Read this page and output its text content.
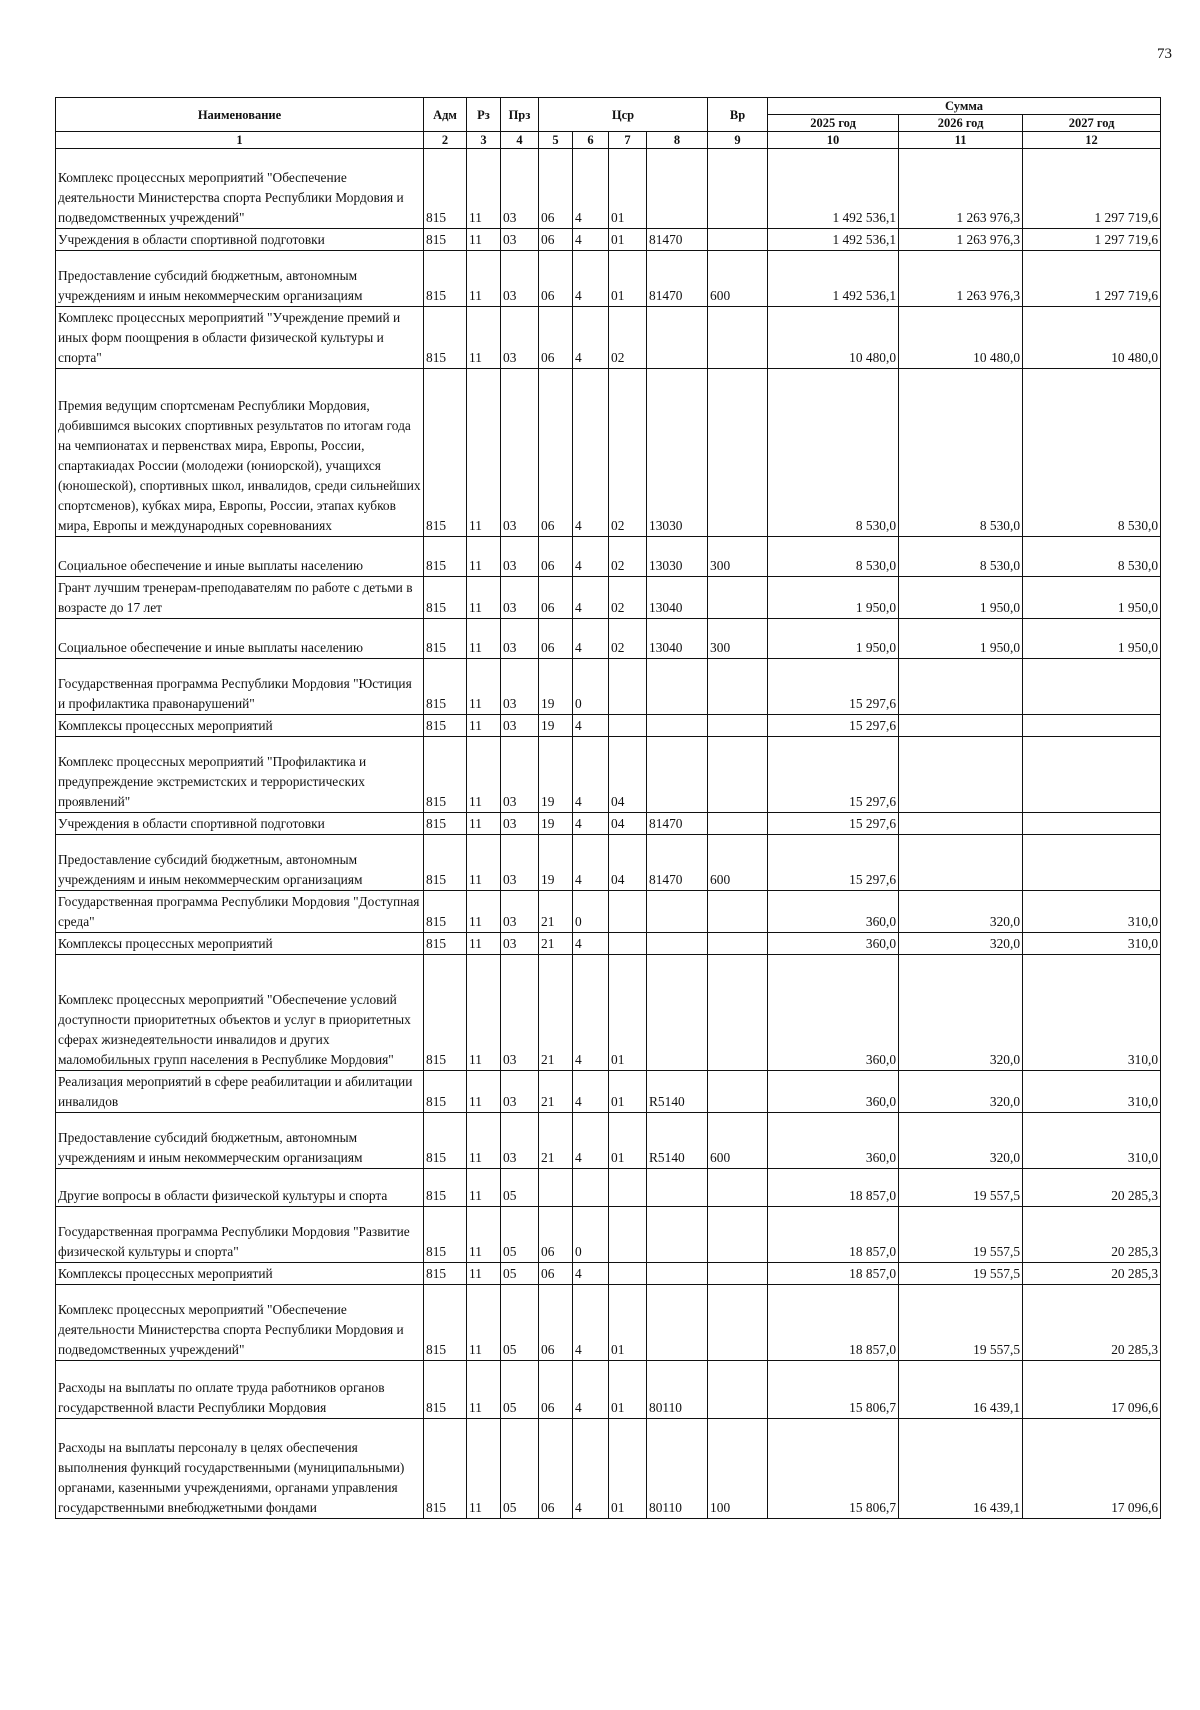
73
Наименование	Адм	Рз	Прз	Цср				Вр	Сумма		
									2025 год	2026 год	2027 год
1	2	3	4	5	6	7	8	9	10	11	12
Комплекс процессных мероприятий "Обеспечение деятельности Министерства спорта Республики Мордовия и подведомственных учреждений"	815	11	03	06	4	01			1 492 536,1	1 263 976,3	1 297 719,6
Учреждения в области спортивной подготовки	815	11	03	06	4	01	81470		1 492 536,1	1 263 976,3	1 297 719,6
Предоставление субсидий бюджетным, автономным учреждениям и иным некоммерческим организациям	815	11	03	06	4	01	81470	600	1 492 536,1	1 263 976,3	1 297 719,6
Комплекс процессных мероприятий "Учреждение премий и иных форм поощрения в области физической культуры и спорта"	815	11	03	06	4	02			10 480,0	10 480,0	10 480,0
Премия ведущим спортсменам Республики Мордовия, добившимся высоких спортивных результатов по итогам года на чемпионатах и первенствах мира, Европы, России, спартакиадах России (молодежи (юниорской), учащихся (юношеской), спортивных школ, инвалидов, среди сильнейших спортсменов), кубках мира, Европы, России, этапах кубков мира, Европы и международных соревнованиях	815	11	03	06	4	02	13030		8 530,0	8 530,0	8 530,0
Социальное обеспечение и иные выплаты населению	815	11	03	06	4	02	13030	300	8 530,0	8 530,0	8 530,0
Грант лучшим тренерам-преподавателям по работе с детьми в возрасте до 17 лет	815	11	03	06	4	02	13040		1 950,0	1 950,0	1 950,0
Социальное обеспечение и иные выплаты населению	815	11	03	06	4	02	13040	300	1 950,0	1 950,0	1 950,0
Государственная программа Республики Мордовия "Юстиция и профилактика правонарушений"	815	11	03	19	0				15 297,6		
Комплексы процессных мероприятий	815	11	03	19	4				15 297,6		
Комплекс процессных мероприятий "Профилактика и предупреждение экстремистских и террористических проявлений"	815	11	03	19	4	04			15 297,6		
Учреждения в области спортивной подготовки	815	11	03	19	4	04	81470		15 297,6		
Предоставление субсидий бюджетным, автономным учреждениям и иным некоммерческим организациям	815	11	03	19	4	04	81470	600	15 297,6		
Государственная программа Республики Мордовия "Доступная среда"	815	11	03	21	0				360,0	320,0	310,0
Комплексы процессных мероприятий	815	11	03	21	4				360,0	320,0	310,0
Комплекс процессных мероприятий "Обеспечение условий доступности приоритетных объектов и услуг в приоритетных сферах жизнедеятельности инвалидов и других маломобильных групп населения в Республике Мордовия"	815	11	03	21	4	01			360,0	320,0	310,0
Реализация мероприятий в сфере реабилитации и абилитации инвалидов	815	11	03	21	4	01	R5140		360,0	320,0	310,0
Предоставление субсидий бюджетным, автономным учреждениям и иным некоммерческим организациям	815	11	03	21	4	01	R5140	600	360,0	320,0	310,0
Другие вопросы в области физической культуры и спорта	815	11	05						18 857,0	19 557,5	20 285,3
Государственная программа Республики Мордовия "Развитие физической культуры и спорта"	815	11	05	06	0				18 857,0	19 557,5	20 285,3
Комплексы процессных мероприятий	815	11	05	06	4				18 857,0	19 557,5	20 285,3
Комплекс процессных мероприятий "Обеспечение деятельности Министерства спорта Республики Мордовия и подведомственных учреждений"	815	11	05	06	4	01			18 857,0	19 557,5	20 285,3
Расходы на выплаты по оплате труда работников органов государственной власти Республики Мордовия	815	11	05	06	4	01	80110		15 806,7	16 439,1	17 096,6
Расходы на выплаты персоналу в целях обеспечения выполнения функций государственными (муниципальными) органами, казенными учреждениями, органами управления государственными внебюджетными фондами	815	11	05	06	4	01	80110	100	15 806,7	16 439,1	17 096,6
